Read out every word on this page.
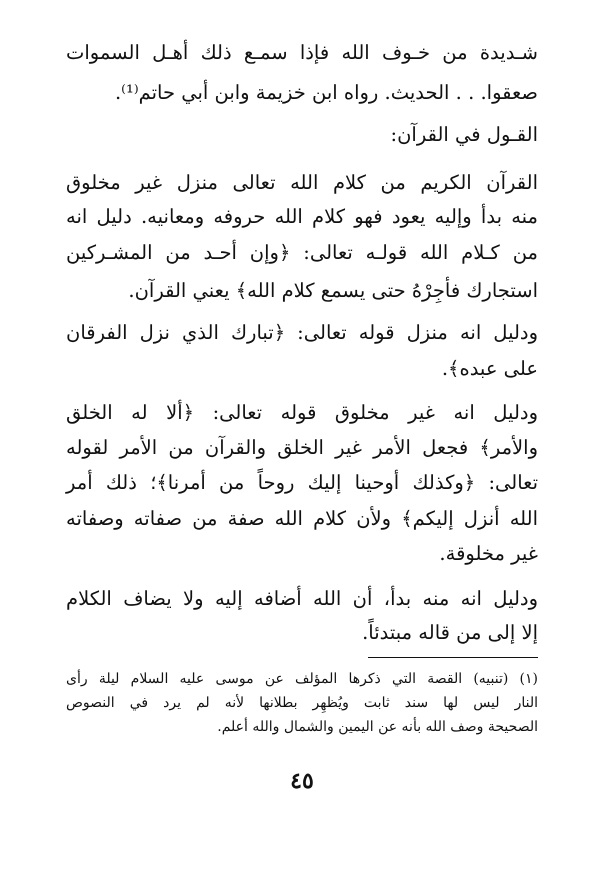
شـديدة من خـوف الله فإذا سمـع ذلك أهـل السموات
صعقوا. . . الحديث. رواه ابن خزيمة وابن أبي حاتم⁽¹⁾.
القـول في القرآن:
القرآن الكريم من كلام الله تعالى منزل غير مخلوق
منه بدأ وإليه يعود فهو كلام الله حروفه ومعانيه. دليل انه
من كـلام الله قولـه تعالى: ﴿وإن أحـد من المشـركين
استجارك فأجِرْهُ حتى يسمع كلام الله﴾ يعني القرآن.
ودليل انه منزل قوله تعالى: ﴿تبارك الذي نزل الفرقان
على عبده﴾.
ودليل انه غير مخلوق قوله تعالى: ﴿ألا له الخلق
والأمر﴾ فجعل الأمر غير الخلق والقرآن من الأمر لقوله
تعالى: ﴿وكذلك أوحينا إليك روحاً من أمرنا﴾؛ ذلك أمر
الله أنزل إليكم﴾ ولأن كلام الله صفة من صفاته وصفاته
غير مخلوقة.
ودليل انه منه بدأ، أن الله أضافه إليه ولا يضاف الكلام
إلا إلى من قاله مبتدئاً.
(١) (تنبيه) القصة التي ذكرها المؤلف عن موسى عليه السلام ليلة رأى
النار ليس لها سند ثابت ويُظهِر بطلانها لأنه لم يرد في النصوص
الصحيحة وصف الله بأنه عن اليمين والشمال والله أعلم.
٤٥
